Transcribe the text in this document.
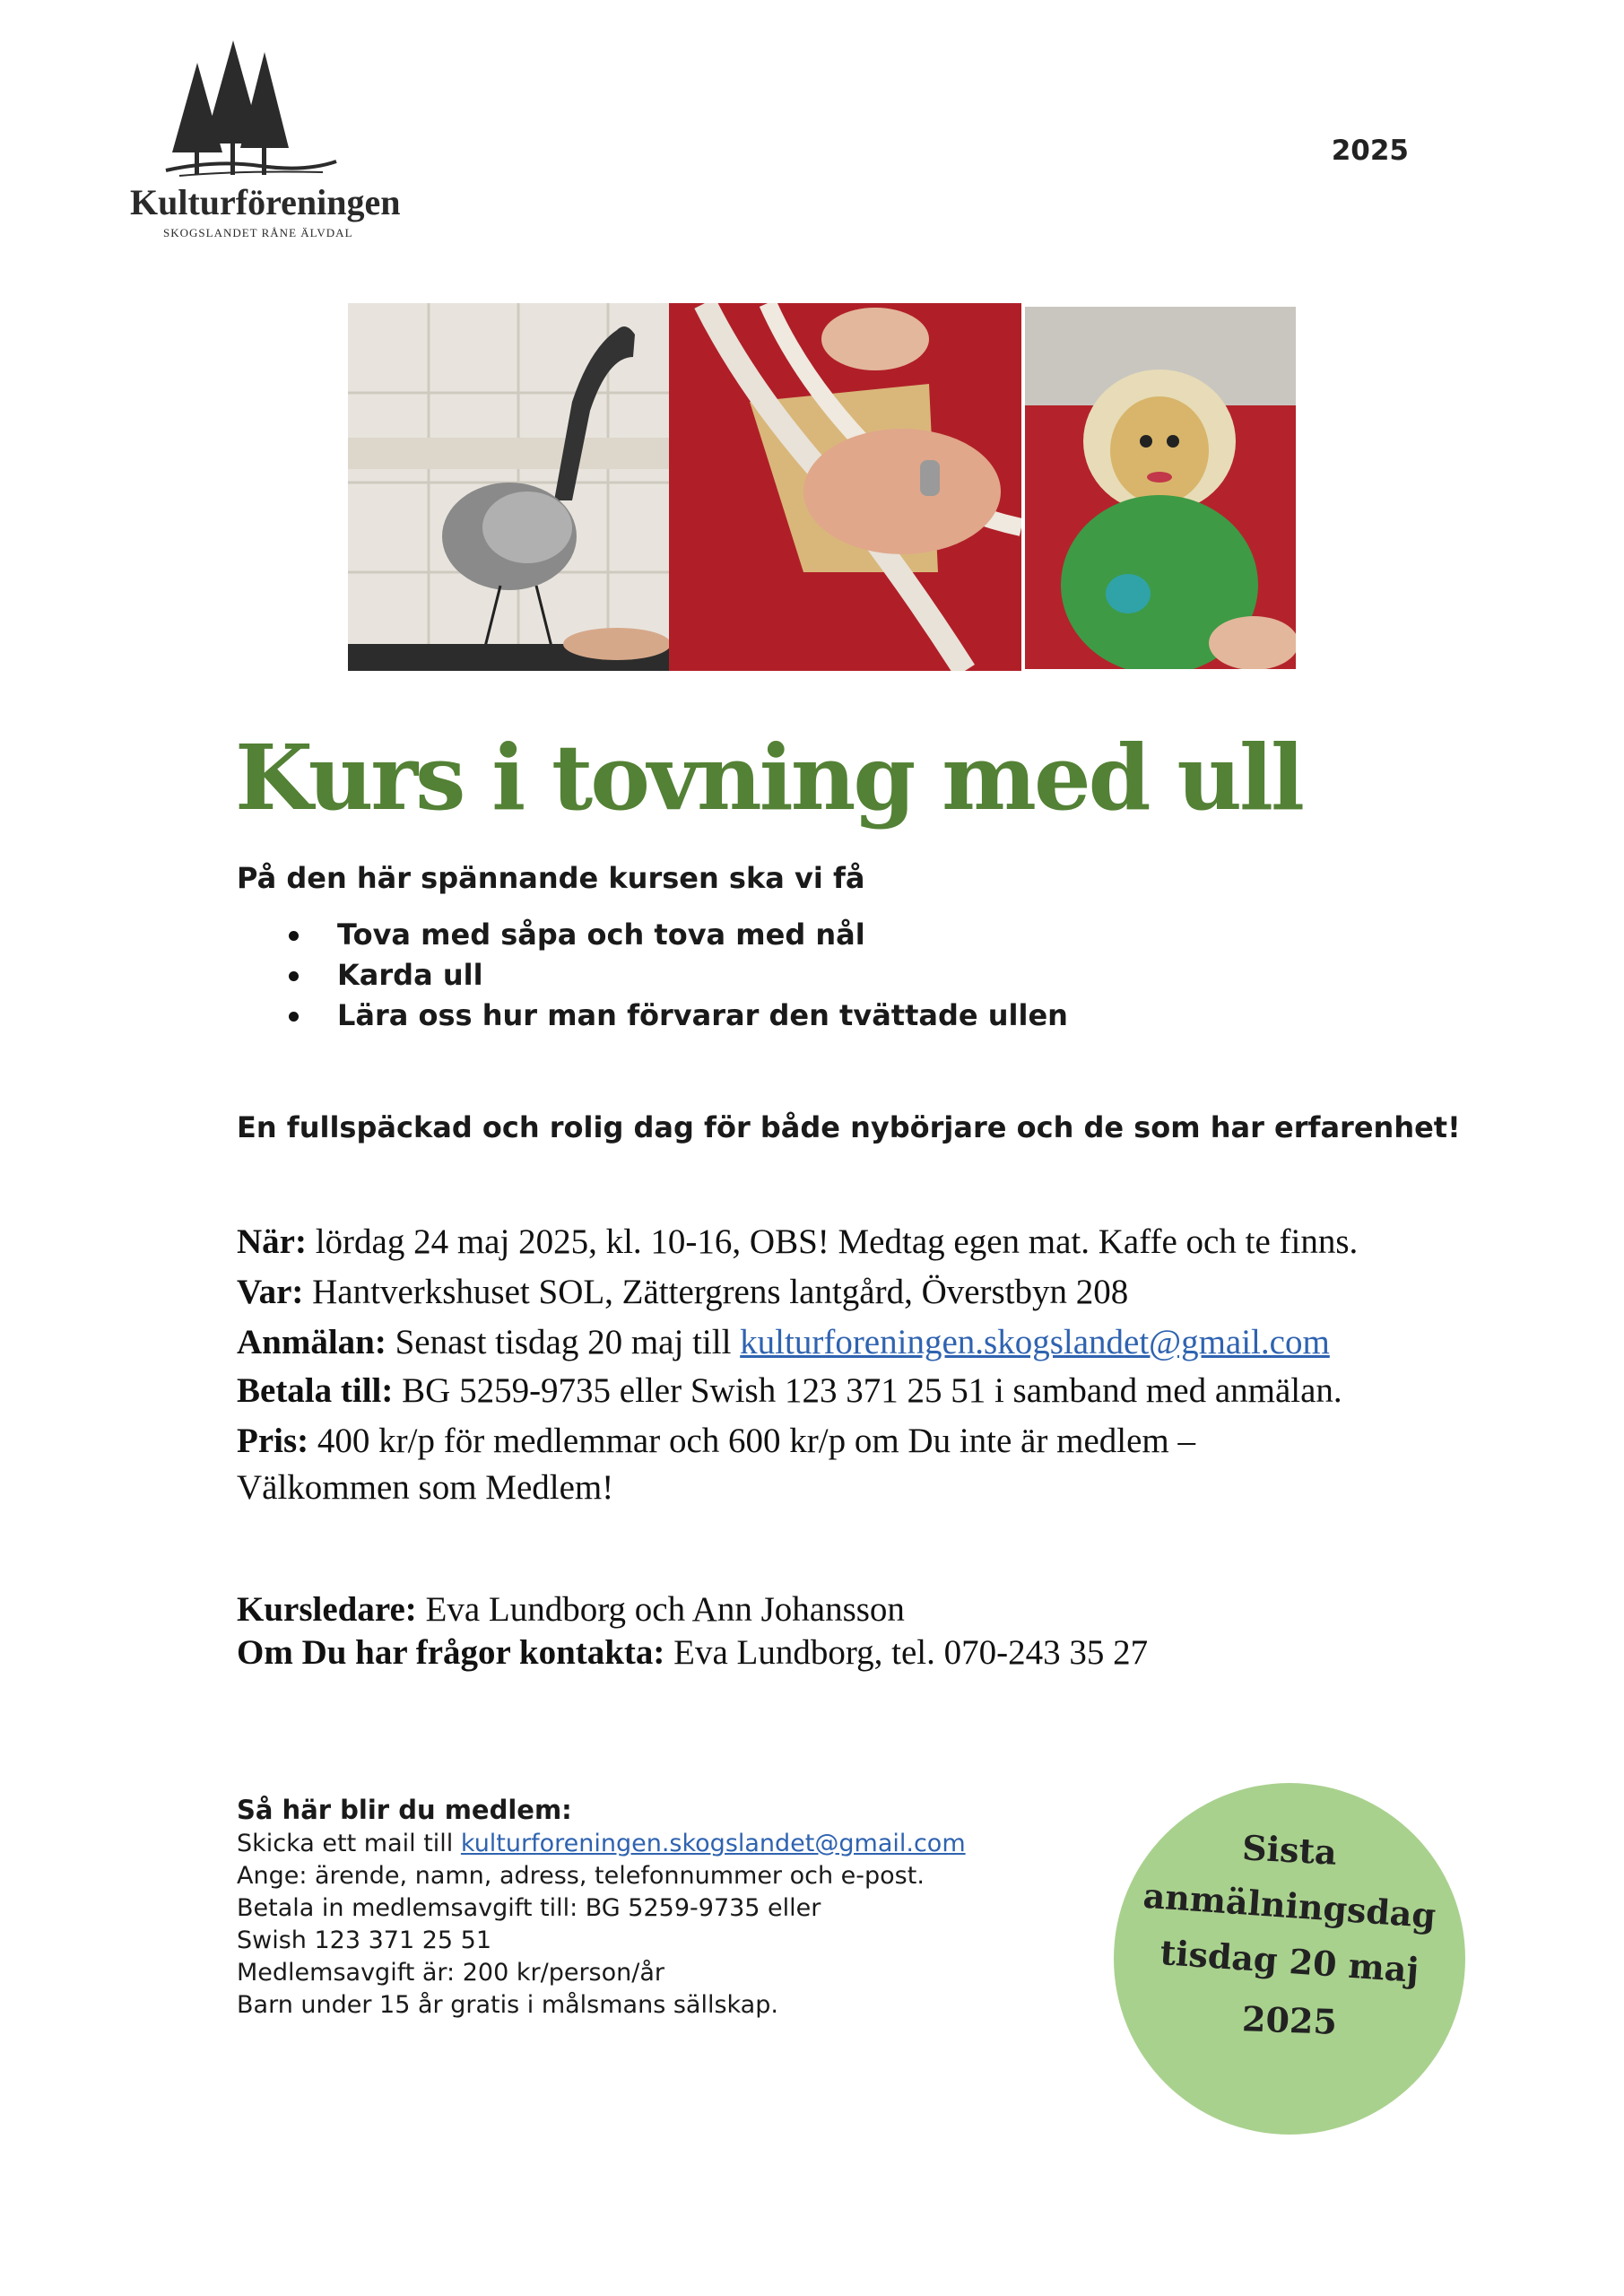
Kulturföreningen
SKOGSLANDET RÅNE ÄLVDAL
2025
Kurs i tovning med ull
På den här spännande kursen ska vi få
Tova med såpa och tova med nål
Karda ull
Lära oss hur man förvarar den tvättade ullen
En fullspäckad och rolig dag för både nybörjare och de som har erfarenhet!
När: lördag 24 maj 2025, kl. 10-16, OBS! Medtag egen mat. Kaffe och te finns.
Var: Hantverkshuset SOL, Zättergrens lantgård, Överstbyn 208
Anmälan: Senast tisdag 20 maj till kulturforeningen.skogslandet@gmail.com
Betala till: BG 5259-9735 eller Swish 123 371 25 51 i samband med anmälan.
Pris: 400 kr/p för medlemmar och 600 kr/p om Du inte är medlem –
Välkommen som Medlem!
Kursledare: Eva Lundborg och Ann Johansson
Om Du har frågor kontakta: Eva Lundborg, tel. 070-243 35 27
Så här blir du medlem:
Skicka ett mail till kulturforeningen.skogslandet@gmail.com
Ange: ärende, namn, adress, telefonnummer och e-post.
Betala in medlemsavgift till: BG 5259-9735 eller
Swish 123 371 25 51
Medlemsavgift är: 200 kr/person/år
Barn under 15 år gratis i målsmans sällskap.
Sista
anmälningsdag
tisdag 20 maj
2025
